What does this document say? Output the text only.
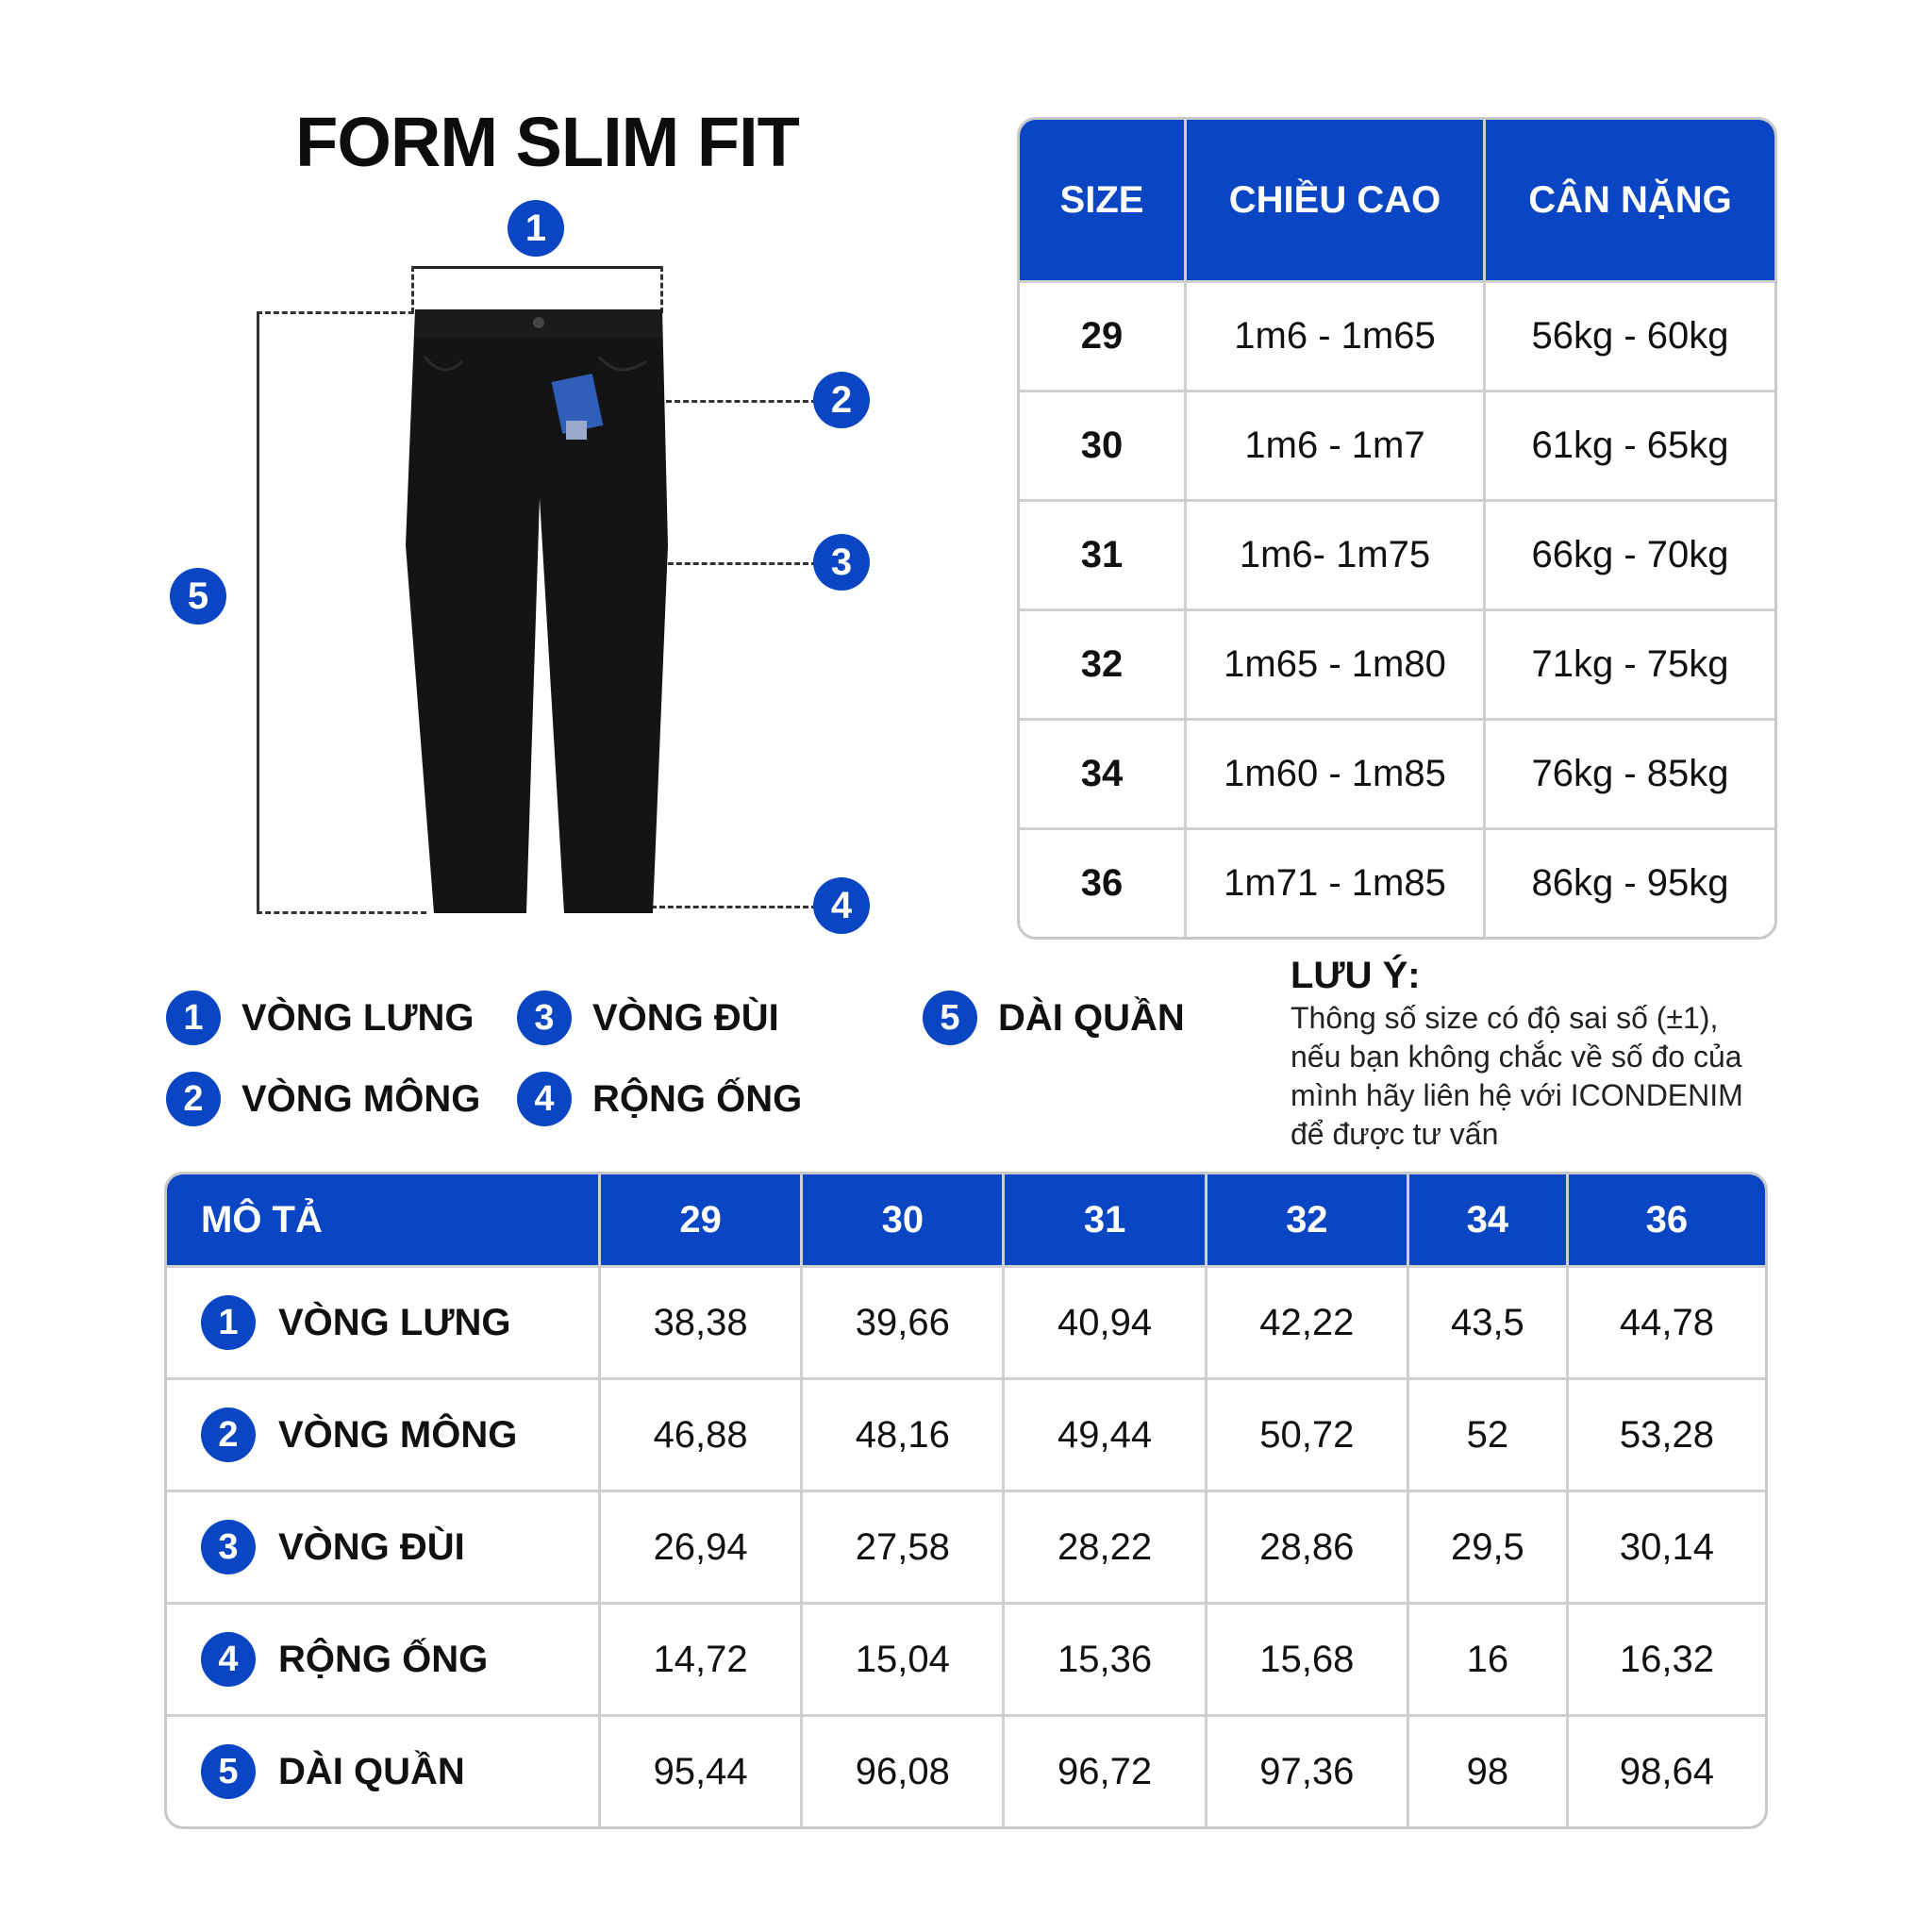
FORM SLIM FIT
1
2
3
4
5
SIZE	CHIỀU CAO	CÂN NẶNG
29	1m6 - 1m65	56kg - 60kg
30	1m6 - 1m7	61kg - 65kg
31	1m6- 1m75	66kg - 70kg
32	1m65 - 1m80	71kg - 75kg
34	1m60 - 1m85	76kg - 85kg
36	1m71 - 1m85	86kg - 95kg
1	VÒNG LƯNG
2	VÒNG MÔNG
3	VÒNG ĐÙI
4	RỘNG ỐNG
5	DÀI QUẦN
LƯU Ý:

Thông số size có độ sai số (±1),

nếu bạn không chắc về số đo của

mình hãy liên hệ với ICONDENIM

để được tư vấn

MÔ TẢ	29	30	31	32	34	36

1 VÒNG LƯNG	38,38	39,66	40,94	42,22	43,5	44,78

2 VÒNG MÔNG	46,88	48,16	49,44	50,72	52	53,28

3 VÒNG ĐÙI	26,94	27,58	28,22	28,86	29,5	30,14

4 RỘNG ỐNG	14,72	15,04	15,36	15,68	16	16,32

5 DÀI QUẦN	95,44	96,08	96,72	97,36	98	98,64
